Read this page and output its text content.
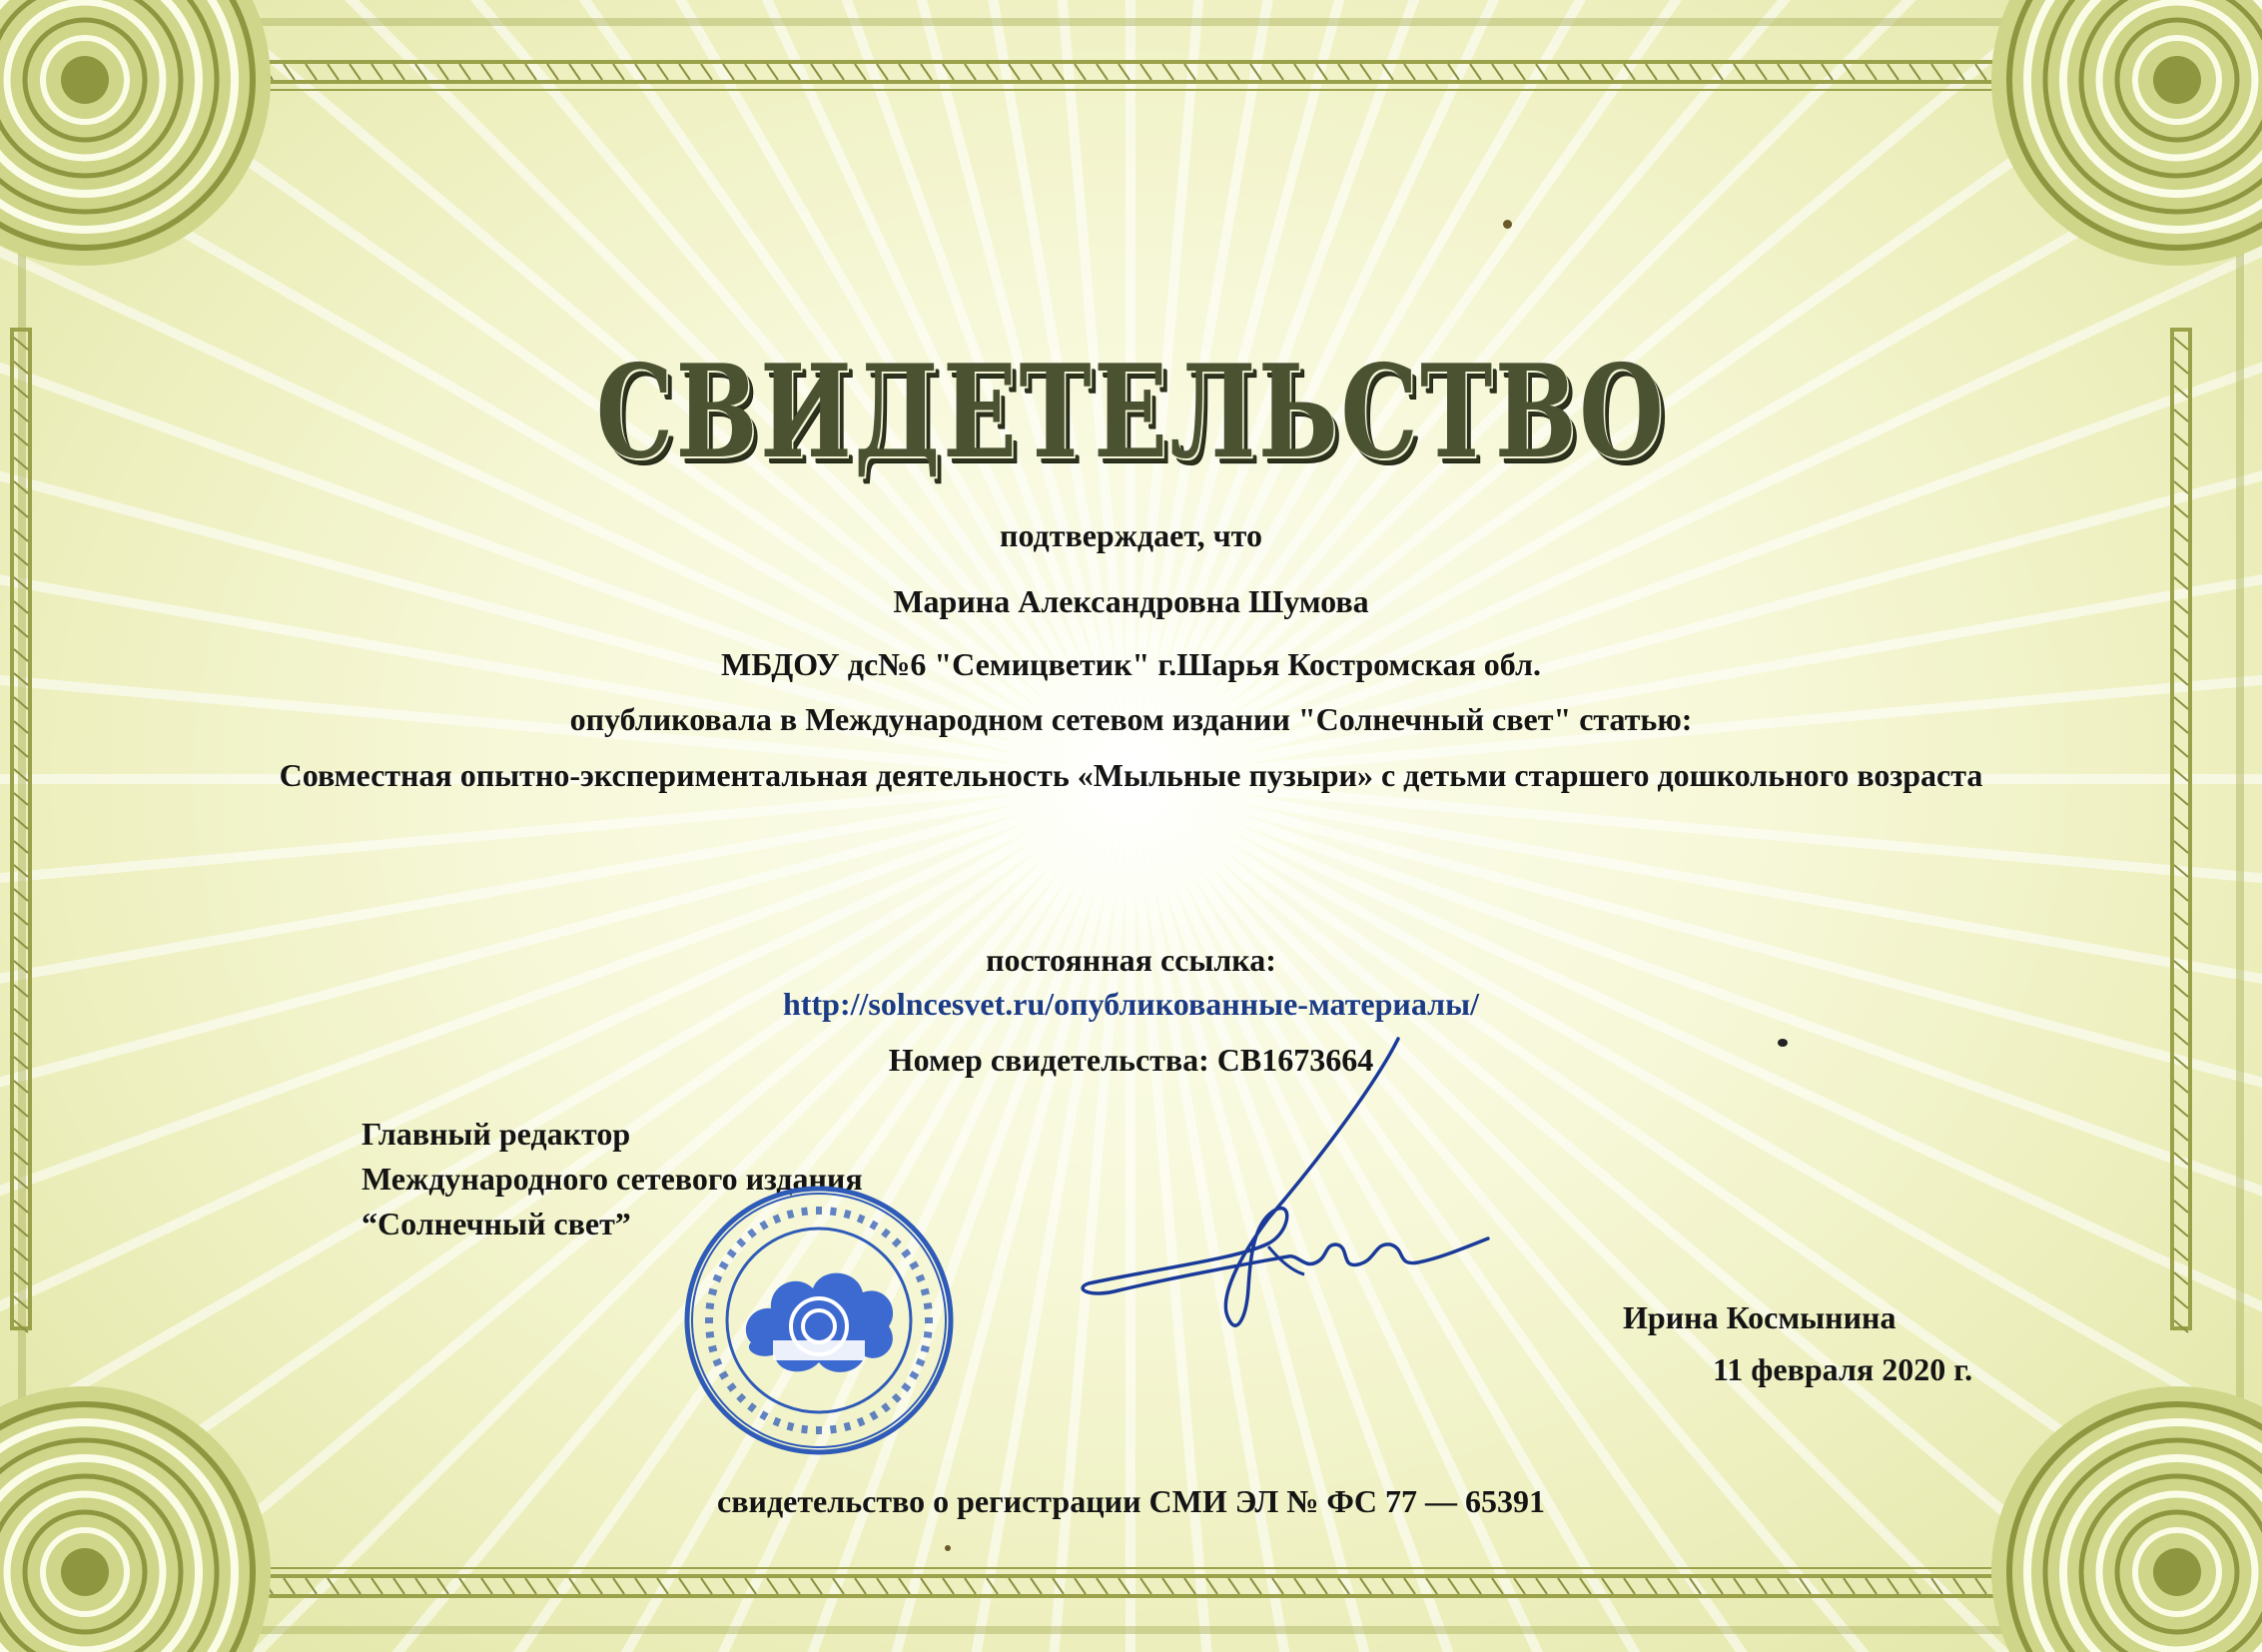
СВИДЕТЕЛЬСТВО
подтверждает, что
Марина Александровна Шумова
МБДОУ дс№6 "Семицветик" г.Шарья Костромская обл.
опубликовала в Международном сетевом издании "Солнечный свет" статью:
Совместная опытно-экспериментальная деятельность «Мыльные пузыри» с детьми старшего дошкольного возраста
постоянная ссылка:
http://solncesvet.ru/опубликованные-материалы/
Номер свидетельства: СВ1673664
Главный редактор
Международного сетевого издания
“Солнечный свет”
Ирина Космынина
11 февраля 2020 г.
свидетельство о регистрации СМИ ЭЛ № ФС 77 — 65391
